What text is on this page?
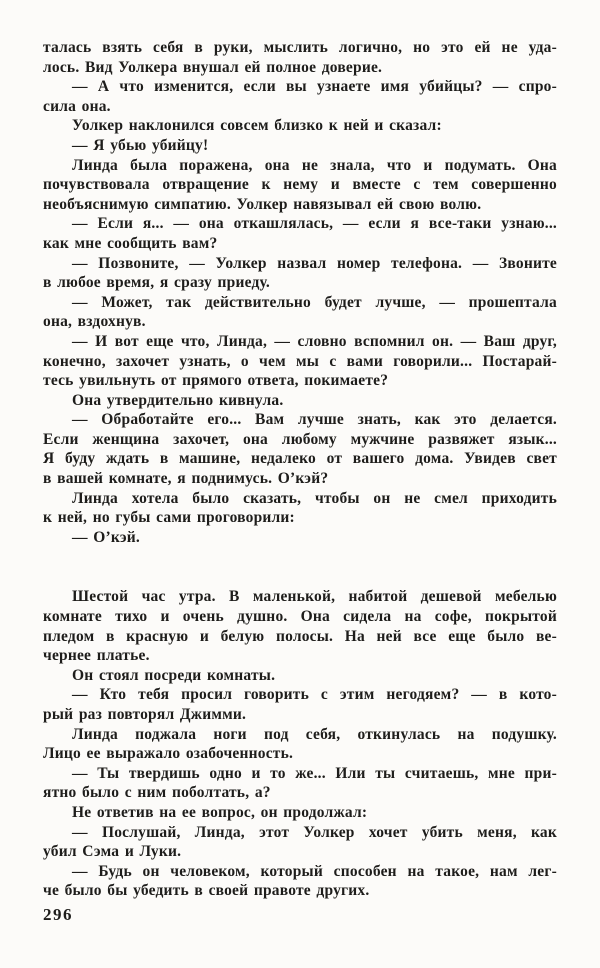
талась взять себя в руки, мыслить логично, но это ей не уда-
лось. Вид Уолкера внушал ей полное доверие.
— А что изменится, если вы узнаете имя убийцы? — спро-
сила она.
Уолкер наклонился совсем близко к ней и сказал:
— Я убью убийцу!
Линда была поражена, она не знала, что и подумать. Она
почувствовала отвращение к нему и вместе с тем совершенно
необъяснимую симпатию. Уолкер навязывал ей свою волю.
— Если я... — она откашлялась, — если я все-таки узнаю...
как мне сообщить вам?
— Позвоните, — Уолкер назвал номер телефона. — Звоните
в любое время, я сразу приеду.
— Может, так действительно будет лучше, — прошептала
она, вздохнув.
— И вот еще что, Линда, — словно вспомнил он. — Ваш друг,
конечно, захочет узнать, о чем мы с вами говорили... Постарай-
тесь увильнуть от прямого ответа, покимаете?
Она утвердительно кивнула.
— Обработайте его... Вам лучше знать, как это делается.
Если женщина захочет, она любому мужчине развяжет язык...
Я буду ждать в машине, недалеко от вашего дома. Увидев свет
в вашей комнате, я поднимусь. О’кэй?
Линда хотела было сказать, чтобы он не смел приходить
к ней, но губы сами проговорили:
— О’кэй.
Шестой час утра. В маленькой, набитой дешевой мебелью
комнате тихо и очень душно. Она сидела на софе, покрытой
пледом в красную и белую полосы. На ней все еще было ве-
чернее платье.
Он стоял посреди комнаты.
— Кто тебя просил говорить с этим негодяем? — в кото-
рый раз повторял Джимми.
Линда поджала ноги под себя, откинулась на подушку.
Лицо ее выражало озабоченность.
— Ты твердишь одно и то же... Или ты считаешь, мне при-
ятно было с ним поболтать, а?
Не ответив на ее вопрос, он продолжал:
— Послушай, Линда, этот Уолкер хочет убить меня, как
убил Сэма и Луки.
— Будь он человеком, который способен на такое, нам лег-
че было бы убедить в своей правоте других.
296
